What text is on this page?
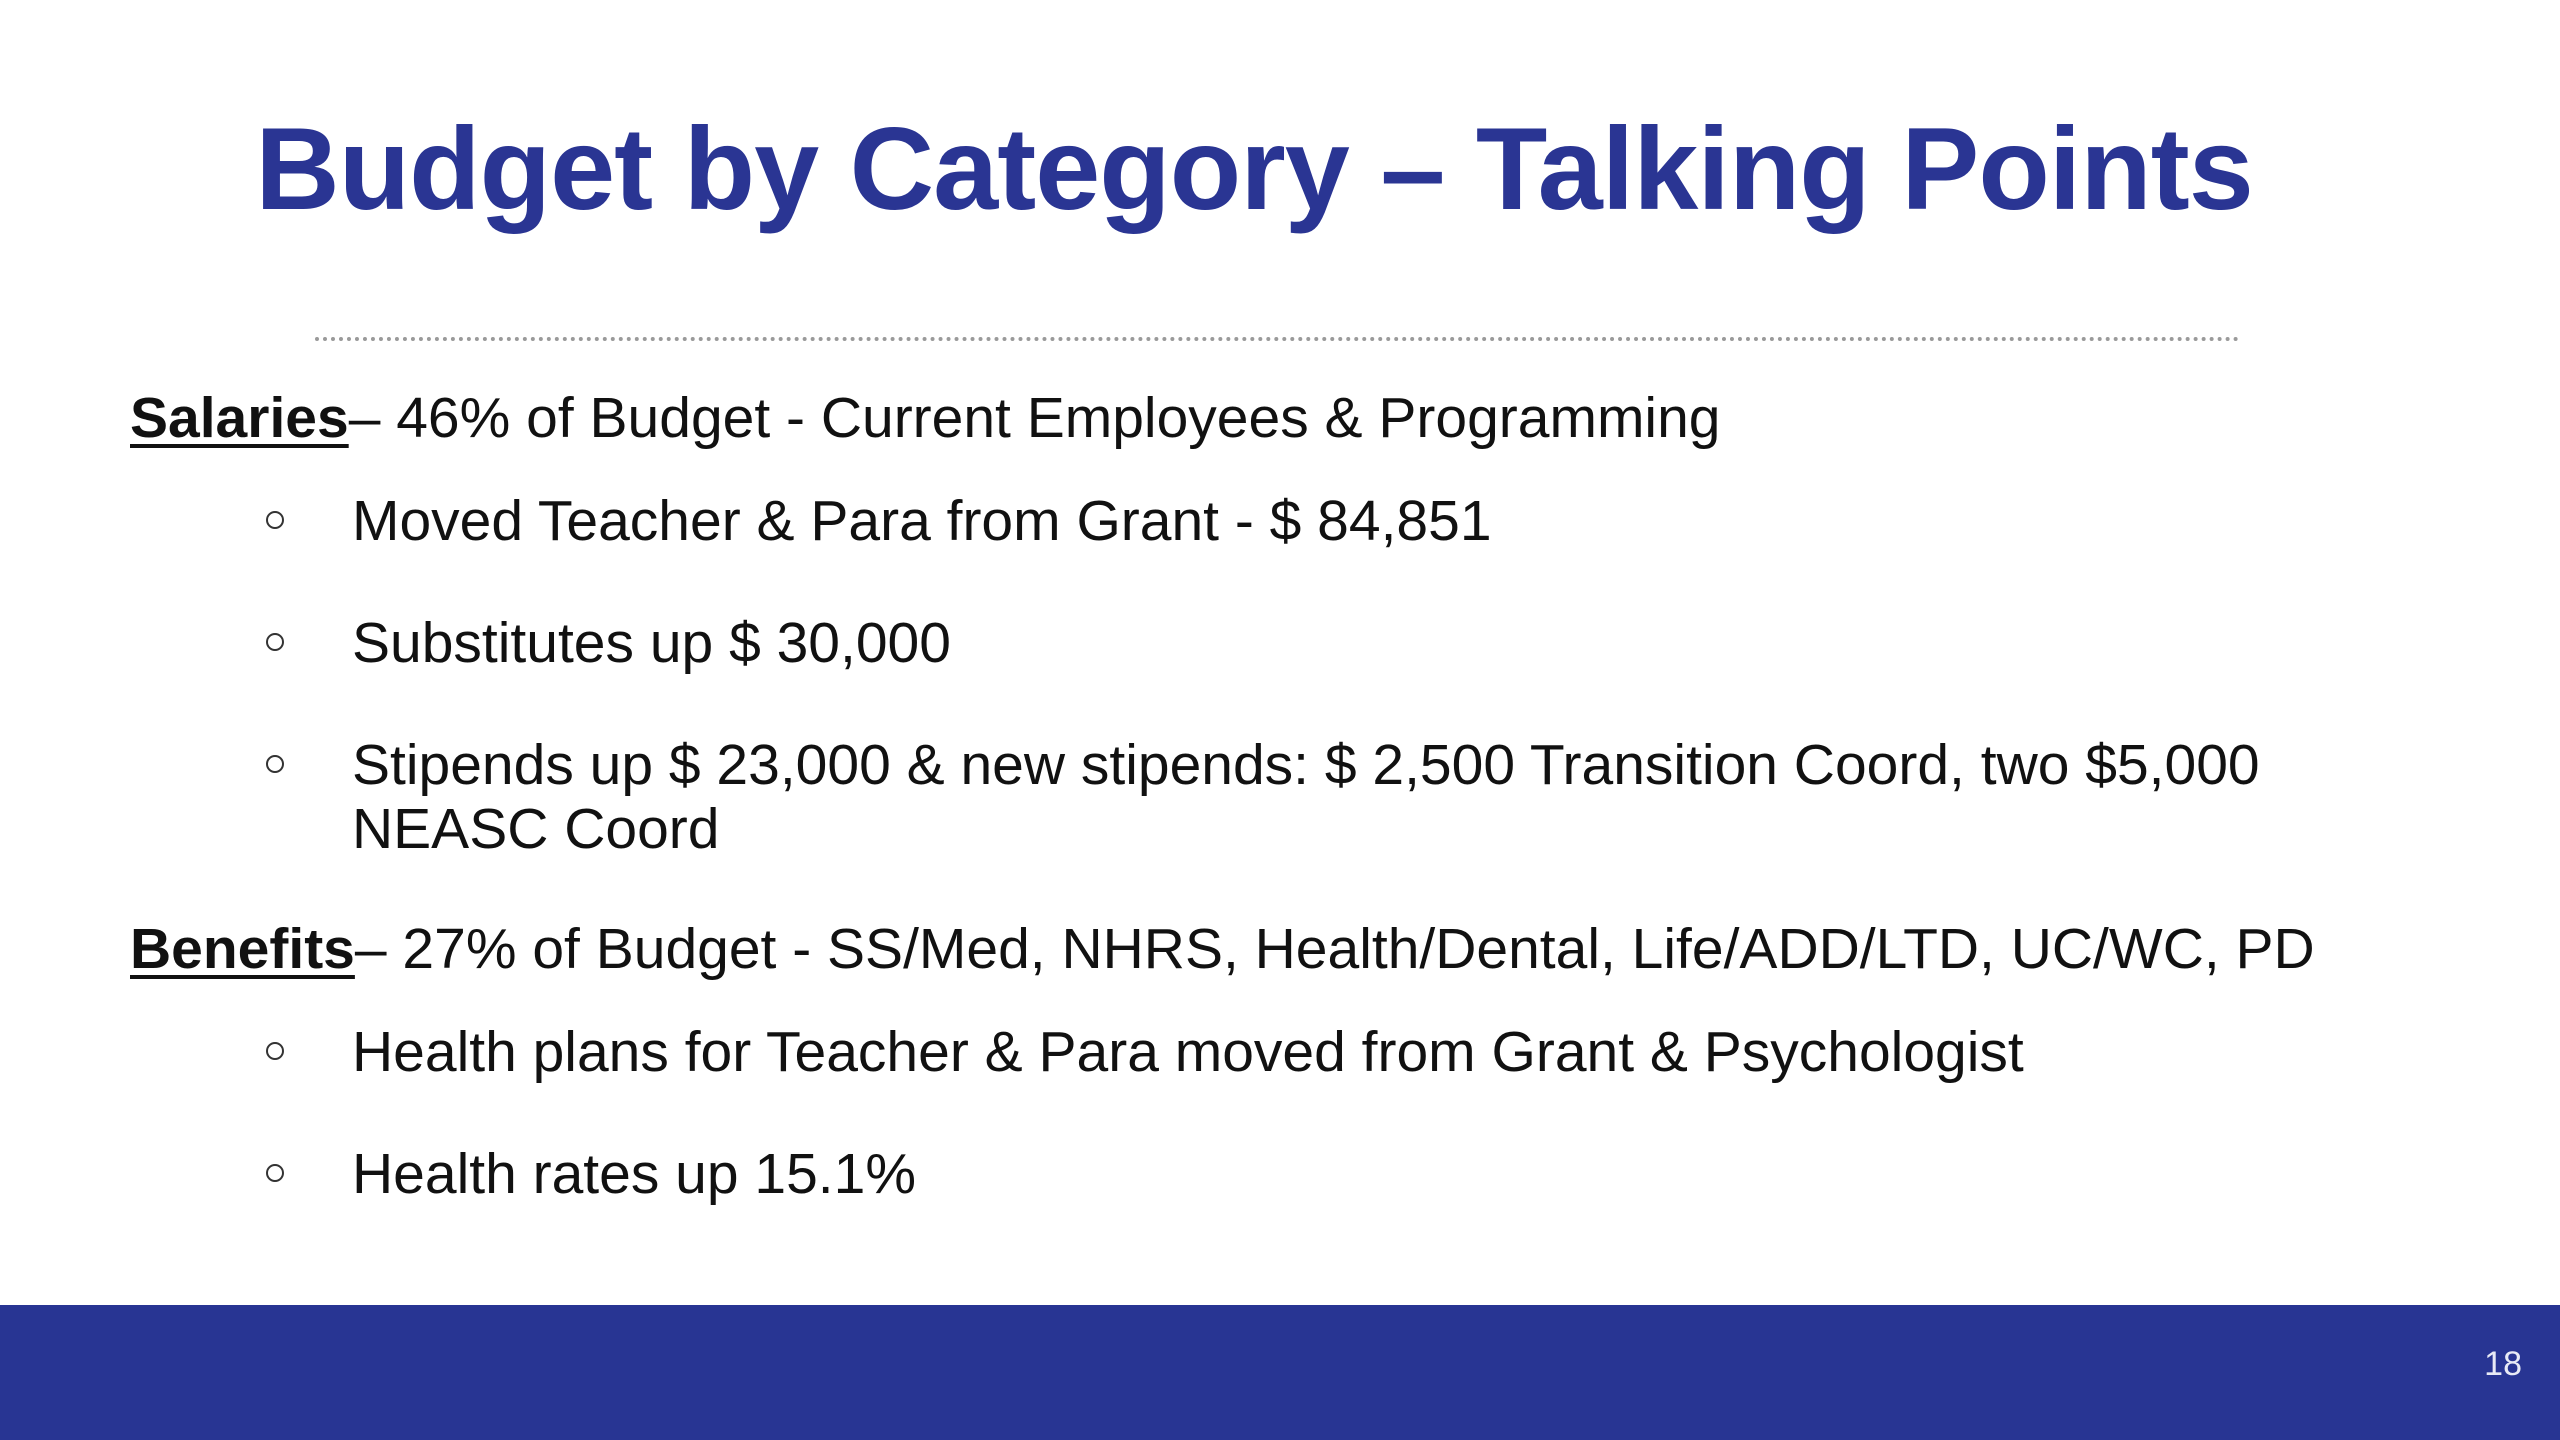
Budget by Category – Talking Points
Salaries – 46% of Budget - Current Employees & Programming
Moved Teacher & Para from Grant - $ 84,851
Substitutes up $ 30,000
Stipends up $ 23,000 & new stipends: $ 2,500 Transition Coord, two $5,000 NEASC Coord
Benefits – 27% of Budget - SS/Med, NHRS, Health/Dental, Life/ADD/LTD, UC/WC, PD
Health plans for Teacher & Para moved from Grant & Psychologist
Health rates up 15.1%
18
